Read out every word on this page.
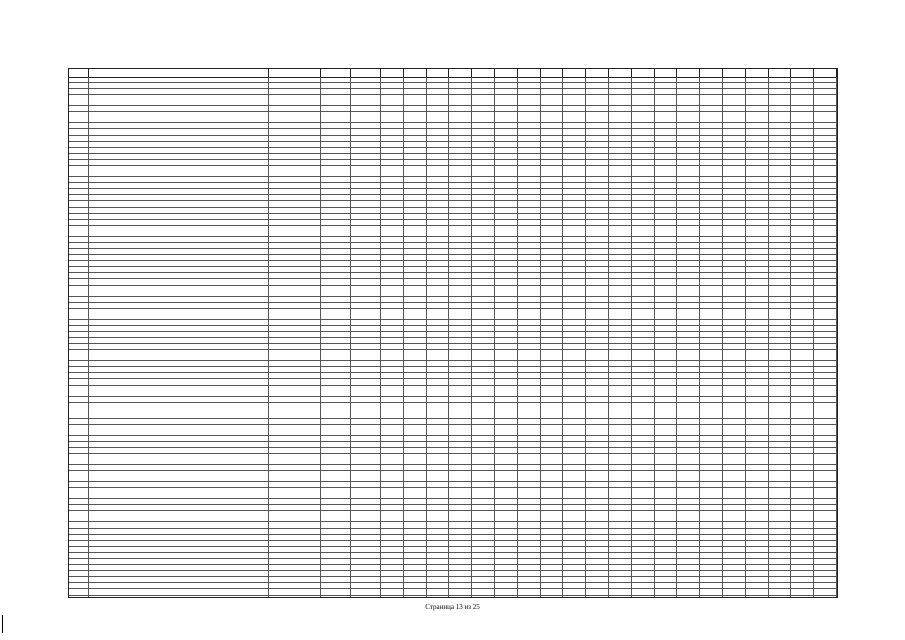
Страница 13 из 25
